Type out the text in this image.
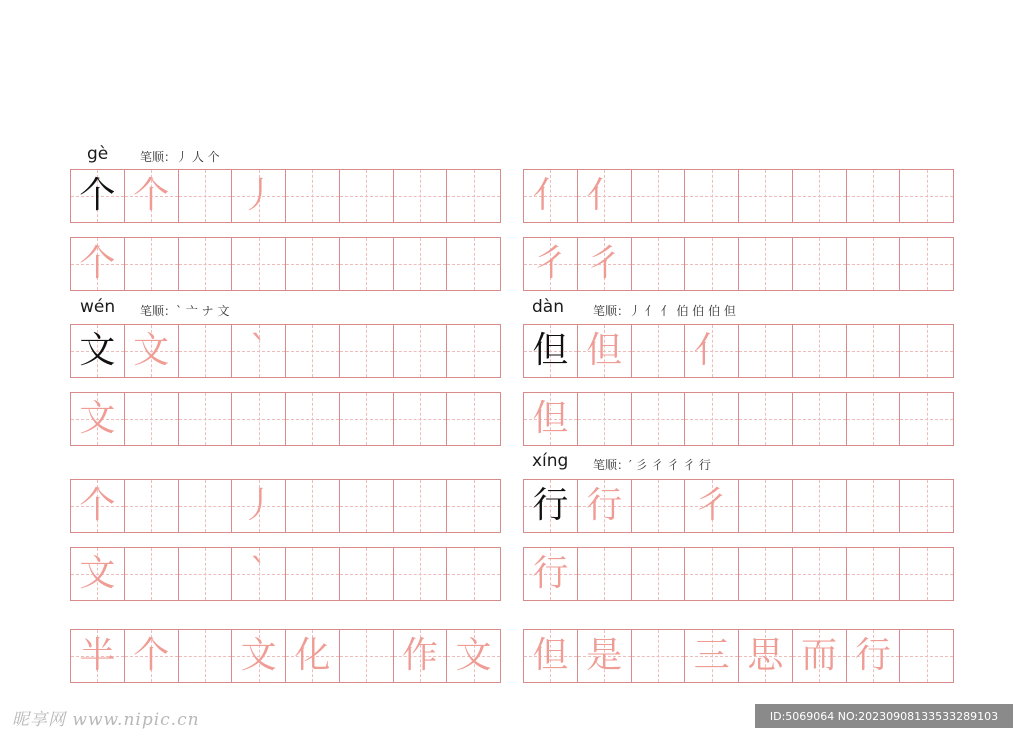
gè	笔顺：丿 人 个
wén 笔顺：` 亠 ナ 文	dàn 笔顺：丿 亻 亻 伯 伯 伯 但
xíng 笔顺：′ 彡 彳 彳 彳 行
个 个 丿	亻 亻
个	彳 彳
文 文 `	但 但 亻
文	但
个	丿	行 行 彳
文	`	行
半 个 文 化 作 文 但 是 三 思 而 行
昵享网 www.nipic.cn	ID:5069064 NO:20230908133533289103
